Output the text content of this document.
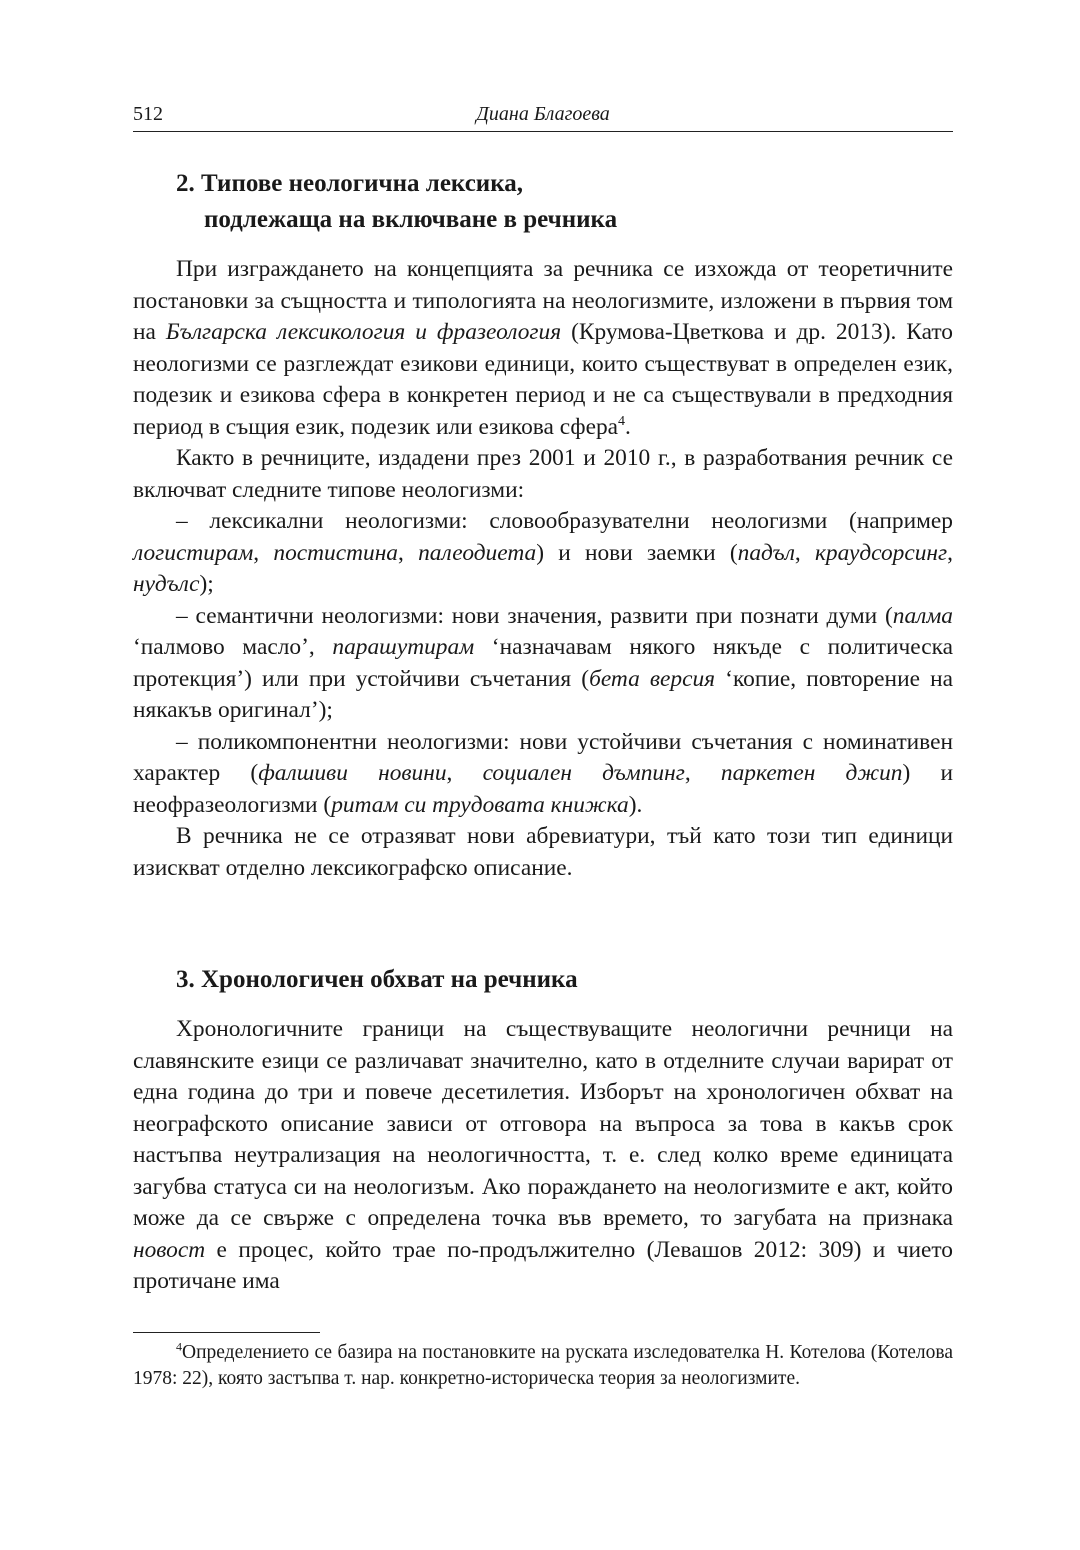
512	Диана Благоева
2. Типове неологична лексика,
подлежаща на включване в речника

При изграждането на концепцията за речника се изхожда от теоретичните постановки за същността и типологията на неологизмите, изложени в първия том на Българска лексикология и фразеология (Крумова-Цветкова и др. 2013). Като неологизми се разглеждат езикови единици, които съществуват в определен език, подезик и езикова сфера в конкретен период и не са съществували в предходния период в същия език, подезик или езикова сфера$^4$.

Както в речниците, издадени през 2001 и 2010 г., в разработвания речник се включват следните типове неологизми:

– лексикални неологизми: словообразувателни неологизми (например логистирам, постистина, палеодиета) и нови заемки (падъл, краудсорсинг, нудълс);

– семантични неологизми: нови значения, развити при познати думи (палма ‘палмово масло’, парашутирам ‘назначавам някого някъде с политическа протекция’) или при устойчиви съчетания (бета версия ‘копие, повторение на някакъв оригинал’);

– поликомпонентни неологизми: нови устойчиви съчетания с номинативен характер (фалшиви новини, социален дъмпинг, паркетен джип) и неофразеологизми (ритам си трудовата книжка).

В речника не се отразяват нови абревиатури, тъй като този тип единици изискват отделно лексикографско описание.

3. Хронологичен обхват на речника

Хронологичните граници на съществуващите неологични речници на славянските езици се различават значително, като в отделните случаи варират от една година до три и повече десетилетия. Изборът на хронологичен обхват на неографското описание зависи от отговора на въпроса за това в какъв срок настъпва неутрализация на неологичността, т. е. след колко време единицата загубва статуса си на неологизъм. Ако пораждането на неологизмите е акт, който може да се свърже с определена точка във времето, то загубата на признака новост е процес, който трае по-продължително (Левашов 2012: 309) и чието протичане има

$^4$Определението се базира на постановките на руската изследователка Н. Котелова (Котелова 1978: 22), която застъпва т. нар. конкретно-историческа теория за неологизмите.
